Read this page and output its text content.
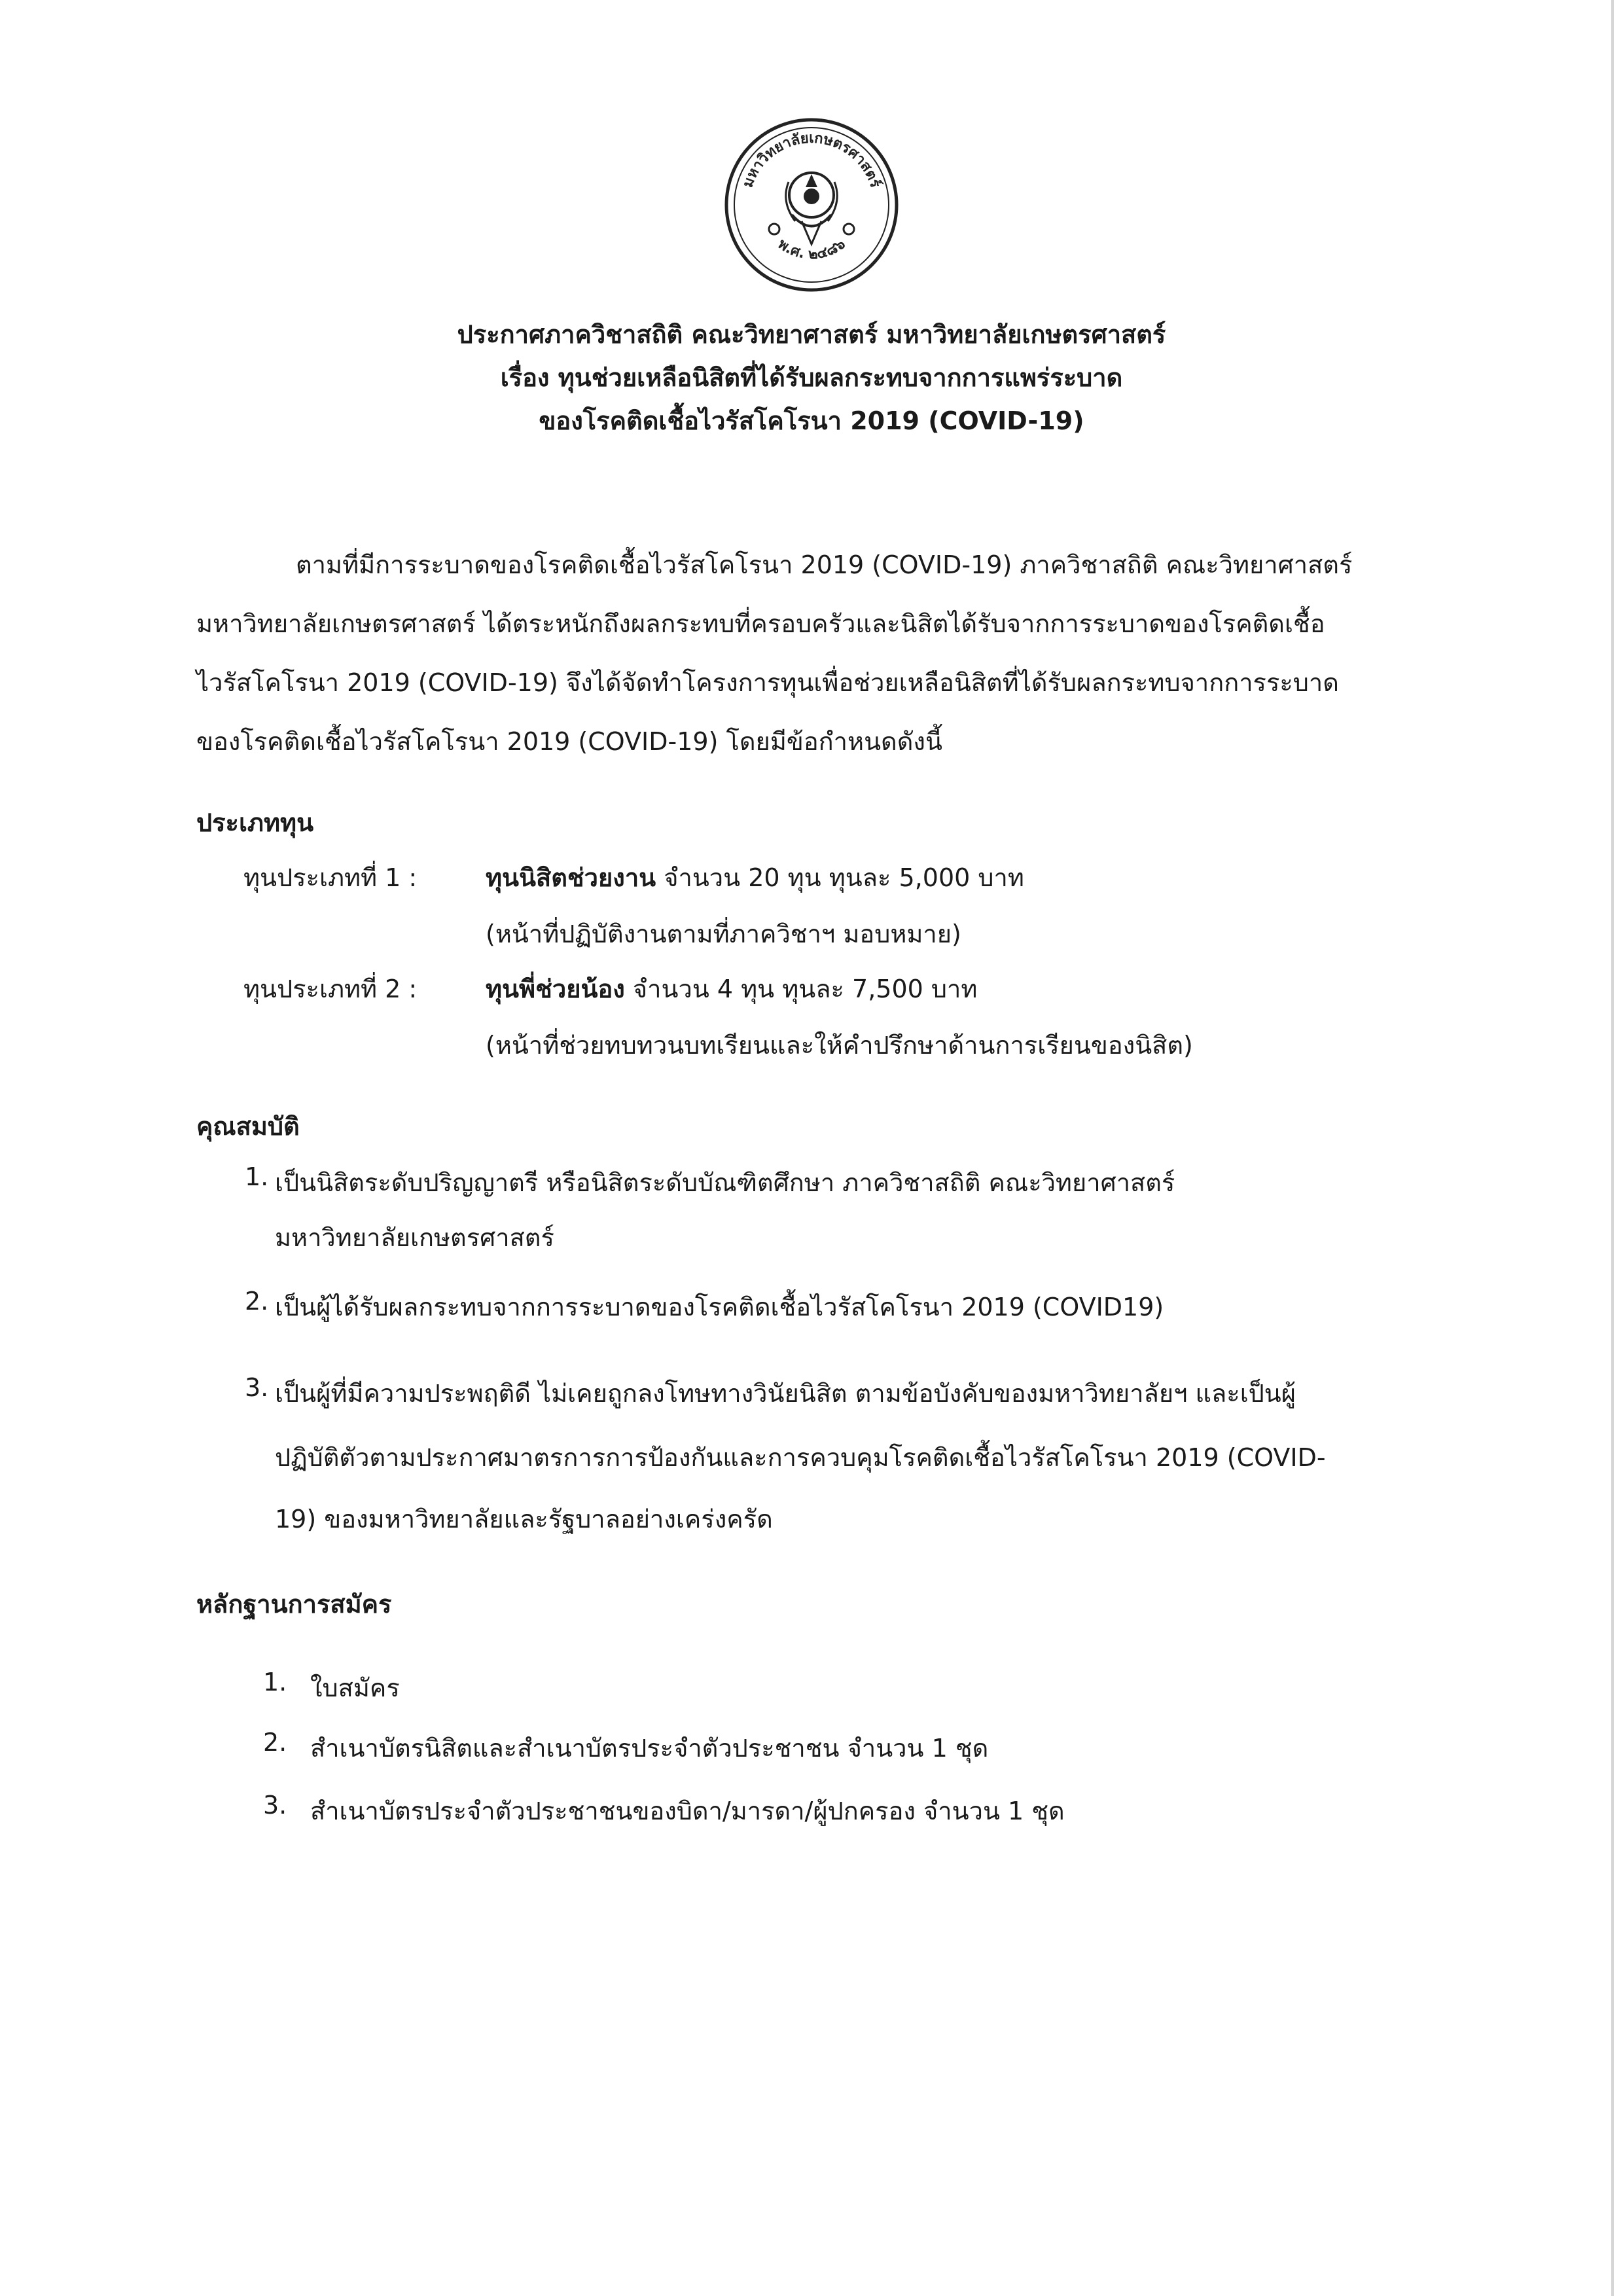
มหาวิทยาลัยเกษตรศาสตร์
พ.ศ. ๒๔๘๖
ประกาศภาควิชาสถิติ คณะวิทยาศาสตร์ มหาวิทยาลัยเกษตรศาสตร์
เรื่อง ทุนช่วยเหลือนิสิตที่ได้รับผลกระทบจากการแพร่ระบาด
ของโรคติดเชื้อไวรัสโคโรนา 2019 (COVID-19)
ตามที่มีการระบาดของโรคติดเชื้อไวรัสโคโรนา 2019 (COVID-19) ภาควิชาสถิติ คณะวิทยาศาสตร์
มหาวิทยาลัยเกษตรศาสตร์ ได้ตระหนักถึงผลกระทบที่ครอบครัวและนิสิตได้รับจากการระบาดของโรคติดเชื้อ
ไวรัสโคโรนา 2019 (COVID-19) จึงได้จัดทำโครงการทุนเพื่อช่วยเหลือนิสิตที่ได้รับผลกระทบจากการระบาด
ของโรคติดเชื้อไวรัสโคโรนา 2019 (COVID-19) โดยมีข้อกำหนดดังนี้
ประเภททุน
ทุนประเภทที่ 1 :	ทุนนิสิตช่วยงาน จำนวน 20 ทุน ทุนละ 5,000 บาท
(หน้าที่ปฏิบัติงานตามที่ภาควิชาฯ มอบหมาย)
ทุนประเภทที่ 2 :	ทุนพี่ช่วยน้อง จำนวน 4 ทุน ทุนละ 7,500 บาท
(หน้าที่ช่วยทบทวนบทเรียนและให้คำปรึกษาด้านการเรียนของนิสิต)
คุณสมบัติ
1. เป็นนิสิตระดับปริญญาตรี หรือนิสิตระดับบัณฑิตศึกษา ภาควิชาสถิติ คณะวิทยาศาสตร์
มหาวิทยาลัยเกษตรศาสตร์
2. เป็นผู้ได้รับผลกระทบจากการระบาดของโรคติดเชื้อไวรัสโคโรนา 2019 (COVID19)
3. เป็นผู้ที่มีความประพฤติดี ไม่เคยถูกลงโทษทางวินัยนิสิต ตามข้อบังคับของมหาวิทยาลัยฯ และเป็นผู้
ปฏิบัติตัวตามประกาศมาตรการการป้องกันและการควบคุมโรคติดเชื้อไวรัสโคโรนา 2019 (COVID-
19) ของมหาวิทยาลัยและรัฐบาลอย่างเคร่งครัด
หลักฐานการสมัคร
1. ใบสมัคร
2. สำเนาบัตรนิสิตและสำเนาบัตรประจำตัวประชาชน จำนวน 1 ชุด
3. สำเนาบัตรประจำตัวประชาชนของบิดา/มารดา/ผู้ปกครอง จำนวน 1 ชุด
